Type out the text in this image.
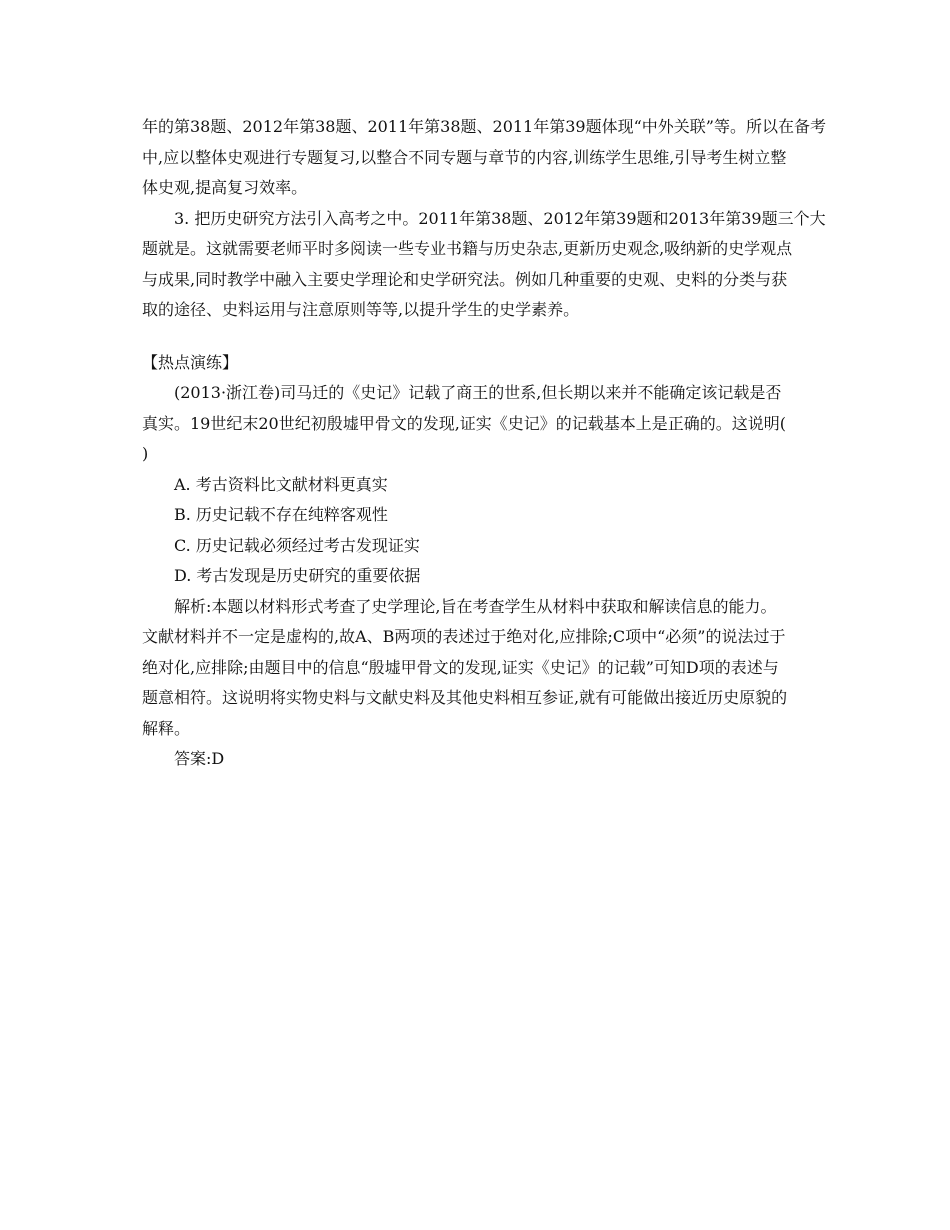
年的第38题、2012年第38题、2011年第38题、2011年第39题体现“中外关联”等。所以在备考
中,应以整体史观进行专题复习,以整合不同专题与章节的内容,训练学生思维,引导考生树立整
体史观,提高复习效率。

3. 把历史研究方法引入高考之中。2011年第38题、2012年第39题和2013年第39题三个大
题就是。这就需要老师平时多阅读一些专业书籍与历史杂志,更新历史观念,吸纳新的史学观点
与成果,同时教学中融入主要史学理论和史学研究法。例如几种重要的史观、史料的分类与获
取的途径、史料运用与注意原则等等,以提升学生的史学素养。

【热点演练】

(2013·浙江卷)司马迁的《史记》记载了商王的世系,但长期以来并不能确定该记载是否
真实。19世纪末20世纪初殷墟甲骨文的发现,证实《史记》的记载基本上是正确的。这说明(
)

A. 考古资料比文献材料更真实

B. 历史记载不存在纯粹客观性

C. 历史记载必须经过考古发现证实

D. 考古发现是历史研究的重要依据

解析:本题以材料形式考查了史学理论,旨在考查学生从材料中获取和解读信息的能力。
文献材料并不一定是虚构的,故A、B两项的表述过于绝对化,应排除;C项中“必须”的说法过于
绝对化,应排除;由题目中的信息“殷墟甲骨文的发现,证实《史记》的记载”可知D项的表述与
题意相符。这说明将实物史料与文献史料及其他史料相互参证,就有可能做出接近历史原貌的
解释。

答案:D
